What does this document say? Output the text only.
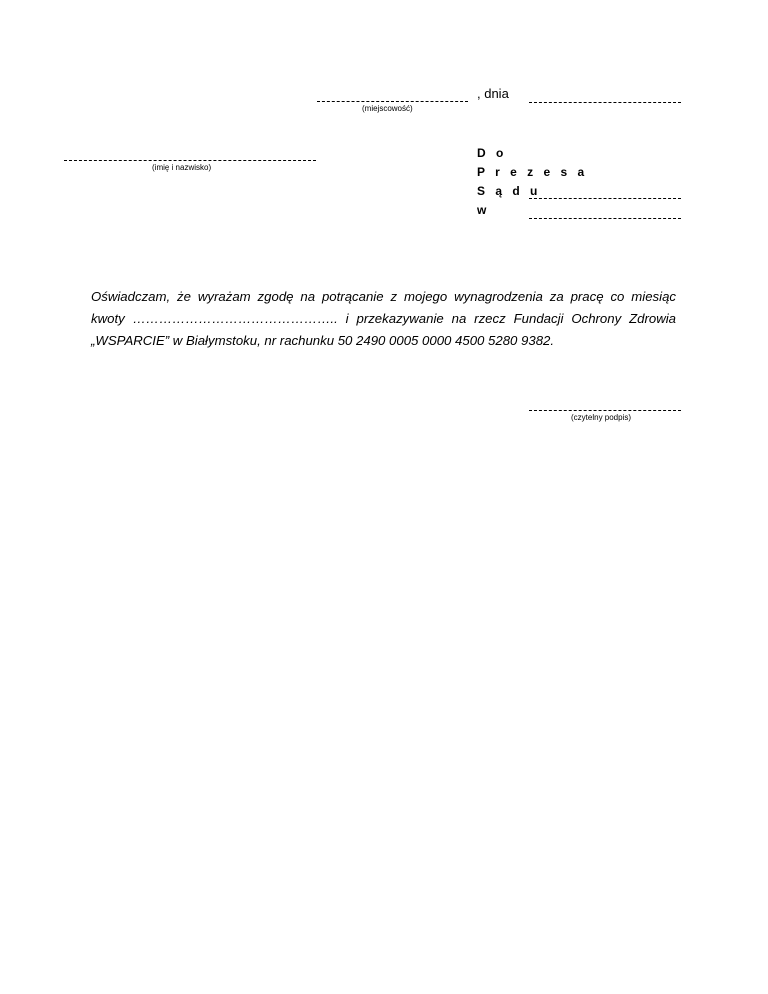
(miejscowość)
, dnia
(imię i nazwisko)
D o
P r e z e s a
S ą d u
w
Oświadczam, że wyrażam zgodę na potrącanie z mojego wynagrodzenia za pracę co miesiąc
kwoty ……………………………………….. i przekazywanie na rzecz Fundacji Ochrony Zdrowia
„WSPARCIE” w Białymstoku, nr rachunku 50 2490 0005 0000 4500 5280 9382.
(czytelny podpis)
